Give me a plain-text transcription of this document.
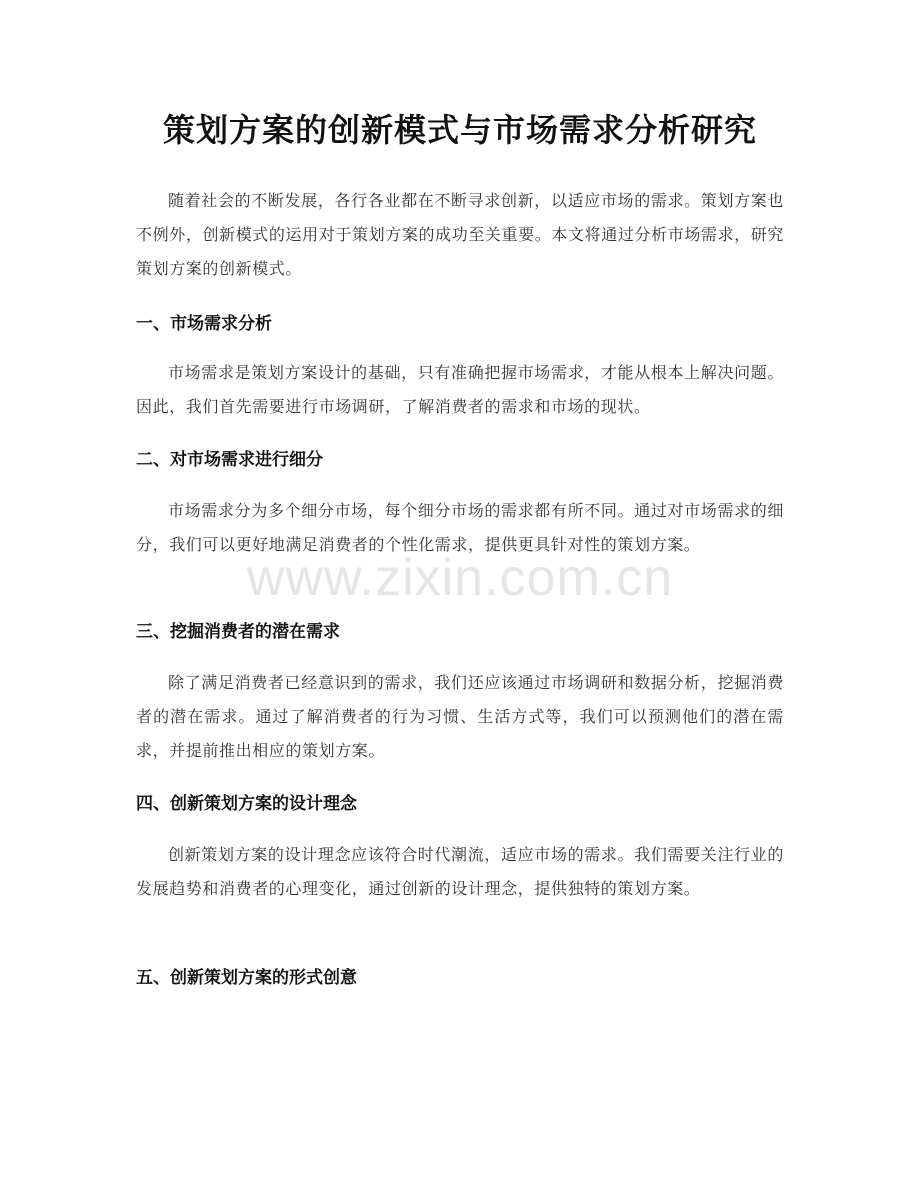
策划方案的创新模式与市场需求分析研究

随着社会的不断发展，各行各业都在不断寻求创新，以适应市场的需求。策划方案也不例外，创新模式的运用对于策划方案的成功至关重要。本文将通过分析市场需求，研究策划方案的创新模式。

一、市场需求分析

市场需求是策划方案设计的基础，只有准确把握市场需求，才能从根本上解决问题。因此，我们首先需要进行市场调研，了解消费者的需求和市场的现状。

二、对市场需求进行细分

市场需求分为多个细分市场，每个细分市场的需求都有所不同。通过对市场需求的细分，我们可以更好地满足消费者的个性化需求，提供更具针对性的策划方案。

三、挖掘消费者的潜在需求

除了满足消费者已经意识到的需求，我们还应该通过市场调研和数据分析，挖掘消费者的潜在需求。通过了解消费者的行为习惯、生活方式等，我们可以预测他们的潜在需求，并提前推出相应的策划方案。

四、创新策划方案的设计理念

创新策划方案的设计理念应该符合时代潮流，适应市场的需求。我们需要关注行业的发展趋势和消费者的心理变化，通过创新的设计理念，提供独特的策划方案。

五、创新策划方案的形式创意
www.zixin.com.cn
